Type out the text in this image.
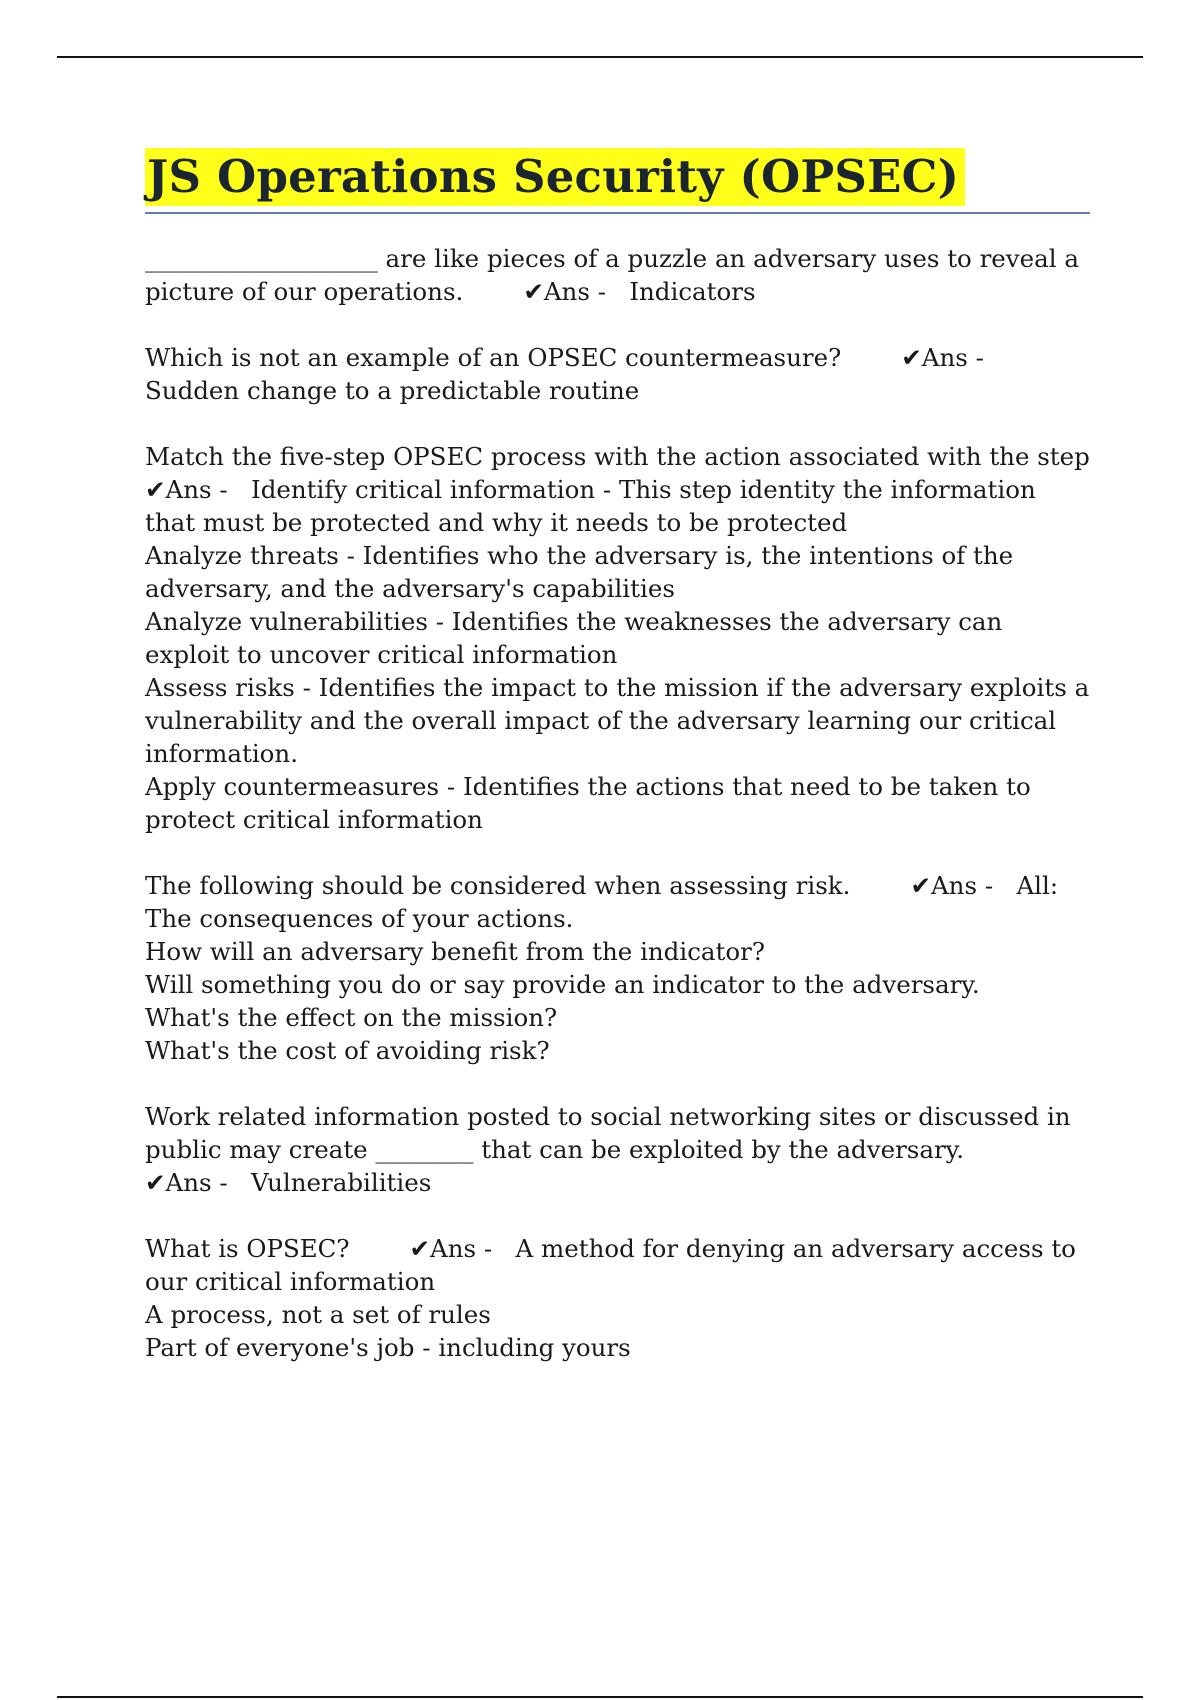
JS Operations Security (OPSEC)
___________________ are like pieces of a puzzle an adversary uses to reveal a picture of our operations. ✔Ans - Indicators
Which is not an example of an OPSEC countermeasure? ✔Ans -
Sudden change to a predictable routine
Match the five-step OPSEC process with the action associated with the step
✔Ans - Identify critical information - This step identity the information that must be protected and why it needs to be protected
Analyze threats - Identifies who the adversary is, the intentions of the adversary, and the adversary's capabilities
Analyze vulnerabilities - Identifies the weaknesses the adversary can exploit to uncover critical information
Assess risks - Identifies the impact to the mission if the adversary exploits a vulnerability and the overall impact of the adversary learning our critical information.
Apply countermeasures - Identifies the actions that need to be taken to protect critical information
The following should be considered when assessing risk. ✔Ans - All:
The consequences of your actions.
How will an adversary benefit from the indicator?
Will something you do or say provide an indicator to the adversary.
What's the effect on the mission?
What's the cost of avoiding risk?
Work related information posted to social networking sites or discussed in public may create ________ that can be exploited by the adversary.
✔Ans - Vulnerabilities
What is OPSEC? ✔Ans - A method for denying an adversary access to our critical information
A process, not a set of rules
Part of everyone's job - including yours
